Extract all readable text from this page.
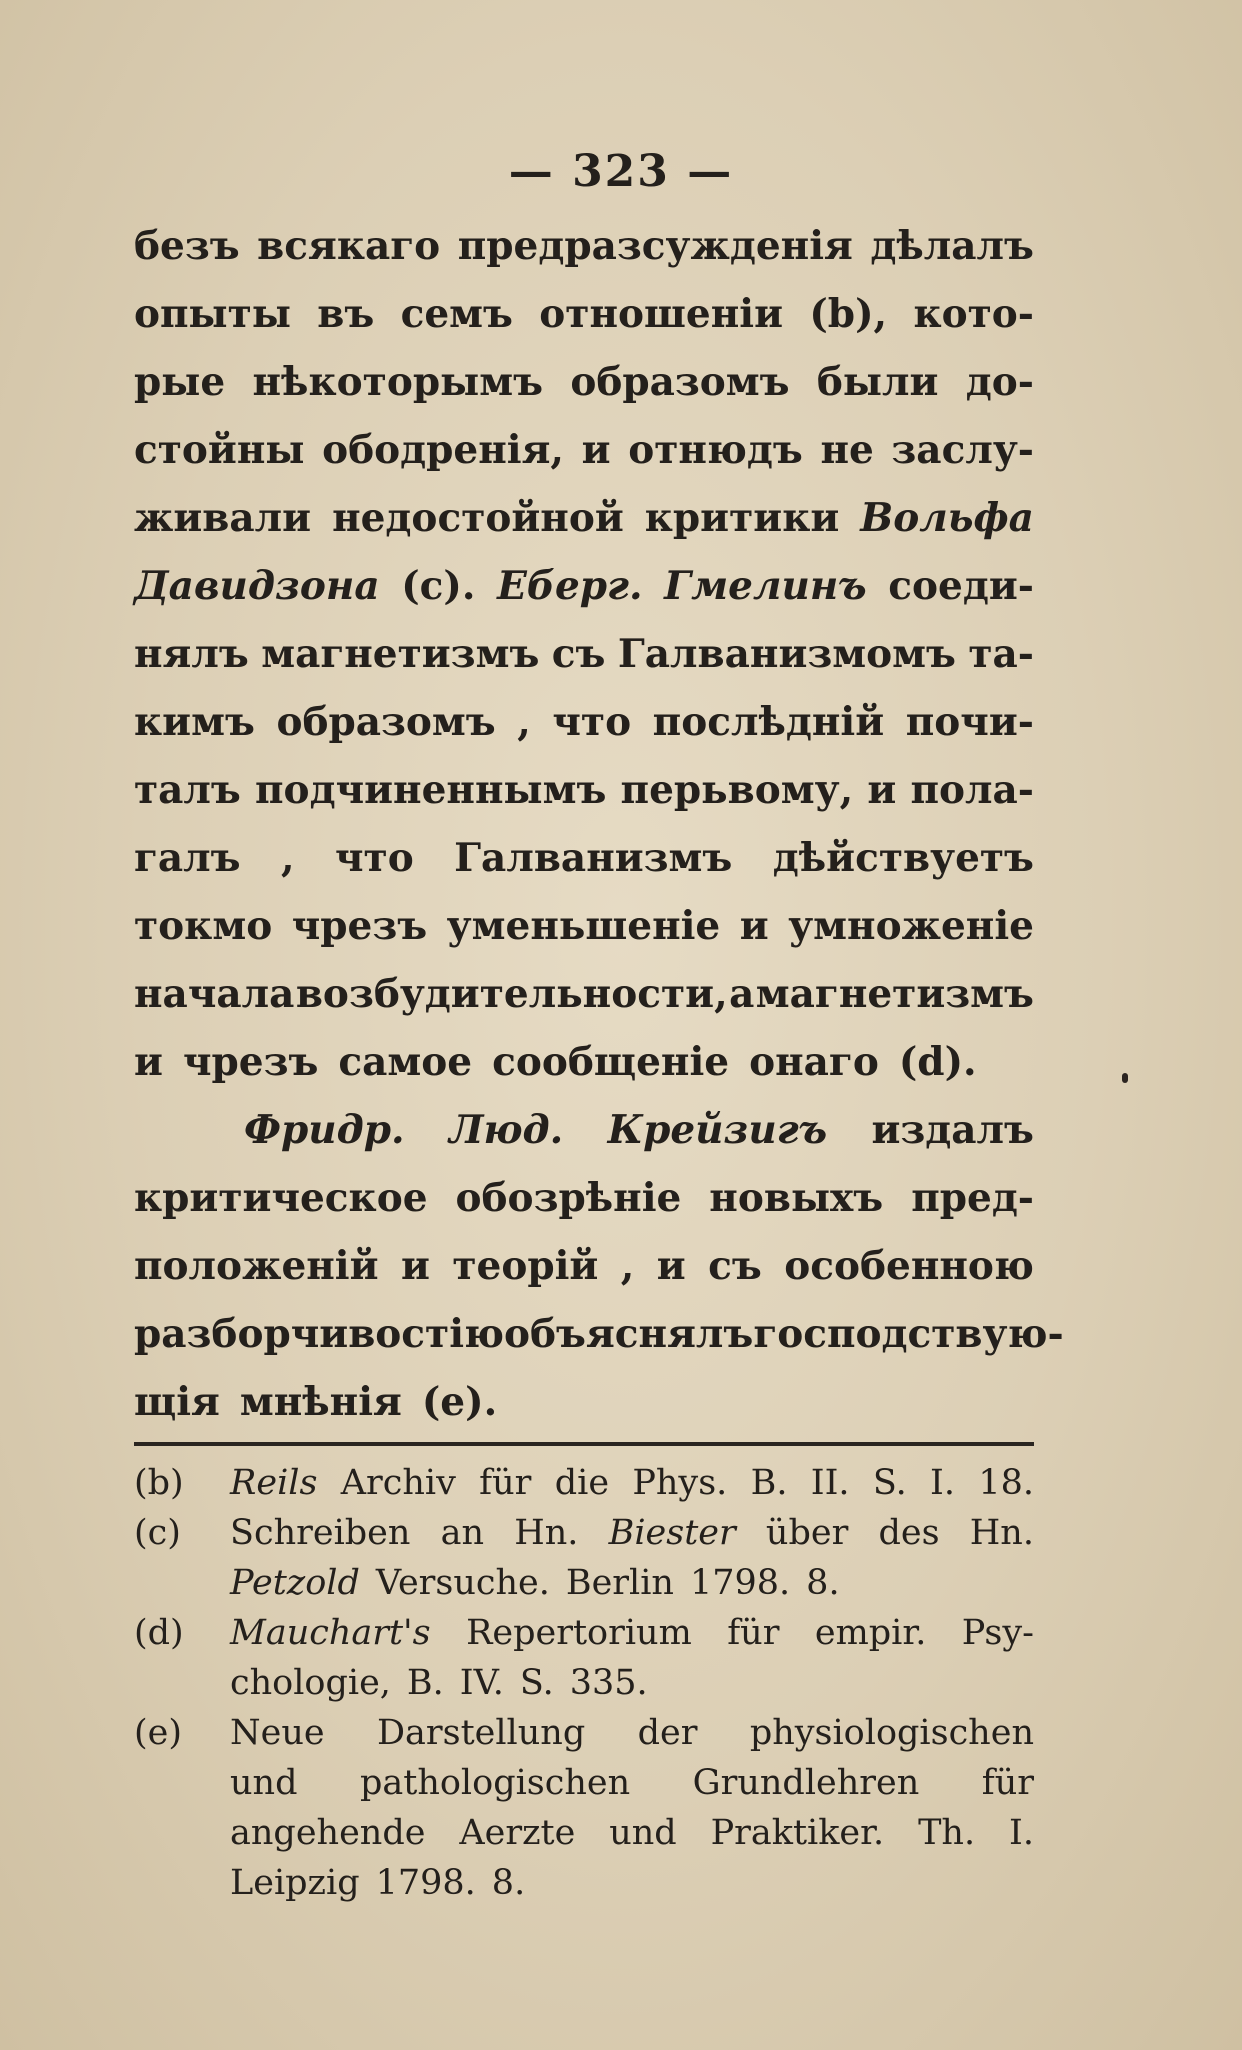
— 323 —
безъ всякаго предразсужденія дѣлалъ
опыты въ семъ отношеніи (b), кото-
рые нѣкоторымъ образомъ были до-
стойны ободренія, и отнюдъ не заслу-
живали недостойной критики Вольфа
Давидзона (c). Еберг. Гмелинъ соеди-
нялъ магнетизмъ съ Галванизмомъ та-
кимъ образомъ , что послѣдній почи-
талъ подчиненнымъ перьвому, и пола-
галъ , что Галванизмъ дѣйствуетъ
токмо чрезъ уменьшеніе и умноженіе
начала возбудительности, а магнетизмъ
и чрезъ самое сообщеніе онаго (d).
Фридр. Люд. Крейзигъ издалъ
критическое обозрѣніе новыхъ пред-
положеній и теорій , и съ особенною
разборчивостію объяснялъ господствую-
щія мнѣнія (e).
(b)	Reils Archiv für die Phys. B. II. S. I. 18.
(c)	Schreiben an Hn. Biester über des Hn.
Petzold Versuche. Berlin 1798. 8.
(d)	Mauchart's Repertorium für empir. Psy-
chologie, B. IV. S. 335.
(e)	Neue Darstellung der physiologischen
und pathologischen Grundlehren für
angehende Aerzte und Praktiker. Th. I.
Leipzig 1798. 8.
